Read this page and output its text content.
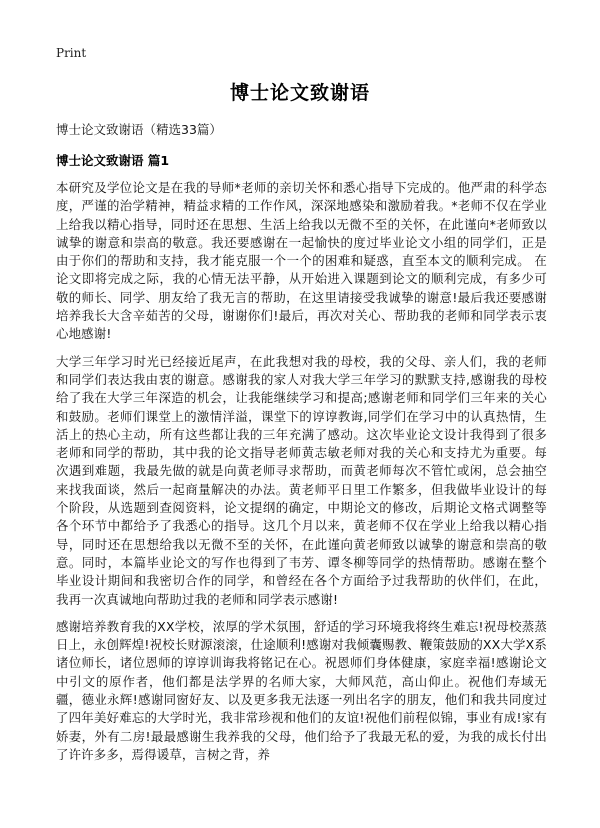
Print
博士论文致谢语

博士论文致谢语（精选33篇）

博士论文致谢语 篇1

本研究及学位论文是在我的导师*老师的亲切关怀和悉心指导下完成的。他严肃的科学态度，严谨的治学精神，精益求精的工作作风，深深地感染和激励着我。*老师不仅在学业上给我以精心指导，同时还在思想、生活上给我以无微不至的关怀，在此谨向*老师致以诚挚的谢意和崇高的敬意。我还要感谢在一起愉快的度过毕业论文小组的同学们，正是由于你们的帮助和支持，我才能克服一个一个的困难和疑惑，直至本文的顺利完成。 在论文即将完成之际，我的心情无法平静，从开始进入课题到论文的顺利完成，有多少可敬的师长、同学、朋友给了我无言的帮助，在这里请接受我诚挚的谢意!最后我还要感谢培养我长大含辛茹苦的父母，谢谢你们!最后，再次对关心、帮助我的老师和同学表示衷心地感谢!

大学三年学习时光已经接近尾声，在此我想对我的母校，我的父母、亲人们，我的老师和同学们表达我由衷的谢意。感谢我的家人对我大学三年学习的默默支持,感谢我的母校给了我在大学三年深造的机会，让我能继续学习和提高;感谢老师和同学们三年来的关心和鼓励。老师们课堂上的激情洋溢，课堂下的谆谆教诲,同学们在学习中的认真热情，生活上的热心主动，所有这些都让我的三年充满了感动。这次毕业论文设计我得到了很多老师和同学的帮助，其中我的论文指导老师黄志敏老师对我的关心和支持尤为重要。每次遇到难题，我最先做的就是向黄老师寻求帮助，而黄老师每次不管忙或闲，总会抽空来找我面谈，然后一起商量解决的办法。黄老师平日里工作繁多，但我做毕业设计的每个阶段，从选题到查阅资料，论文提纲的确定，中期论文的修改，后期论文格式调整等各个环节中都给予了我悉心的指导。这几个月以来，黄老师不仅在学业上给我以精心指导，同时还在思想给我以无微不至的关怀，在此谨向黄老师致以诚挚的谢意和崇高的敬意。同时，本篇毕业论文的写作也得到了韦芳、谭冬柳等同学的热情帮助。感谢在整个毕业设计期间和我密切合作的同学，和曾经在各个方面给予过我帮助的伙伴们，在此，我再一次真诚地向帮助过我的老师和同学表示感谢!

感谢培养教育我的XX学校，浓厚的学术氛围，舒适的学习环境我将终生难忘!祝母校蒸蒸日上，永创辉煌!祝校长财源滚滚，仕途顺利!感谢对我倾囊赐教、鞭策鼓励的XX大学X系诸位师长，诸位恩师的谆谆训诲我将铭记在心。祝恩师们身体健康，家庭幸福!感谢论文中引文的原作者，他们都是法学界的名师大家，大师风范，高山仰止。祝他们寿域无疆，德业永辉!感谢同窗好友、以及更多我无法逐一列出名字的朋友，他们和我共同度过了四年美好难忘的大学时光，我非常珍视和他们的友谊!祝他们前程似锦，事业有成!家有娇妻，外有二房!最最感谢生我养我的父母，他们给予了我最无私的爱，为我的成长付出了许许多多，焉得谖草，言树之背，养
